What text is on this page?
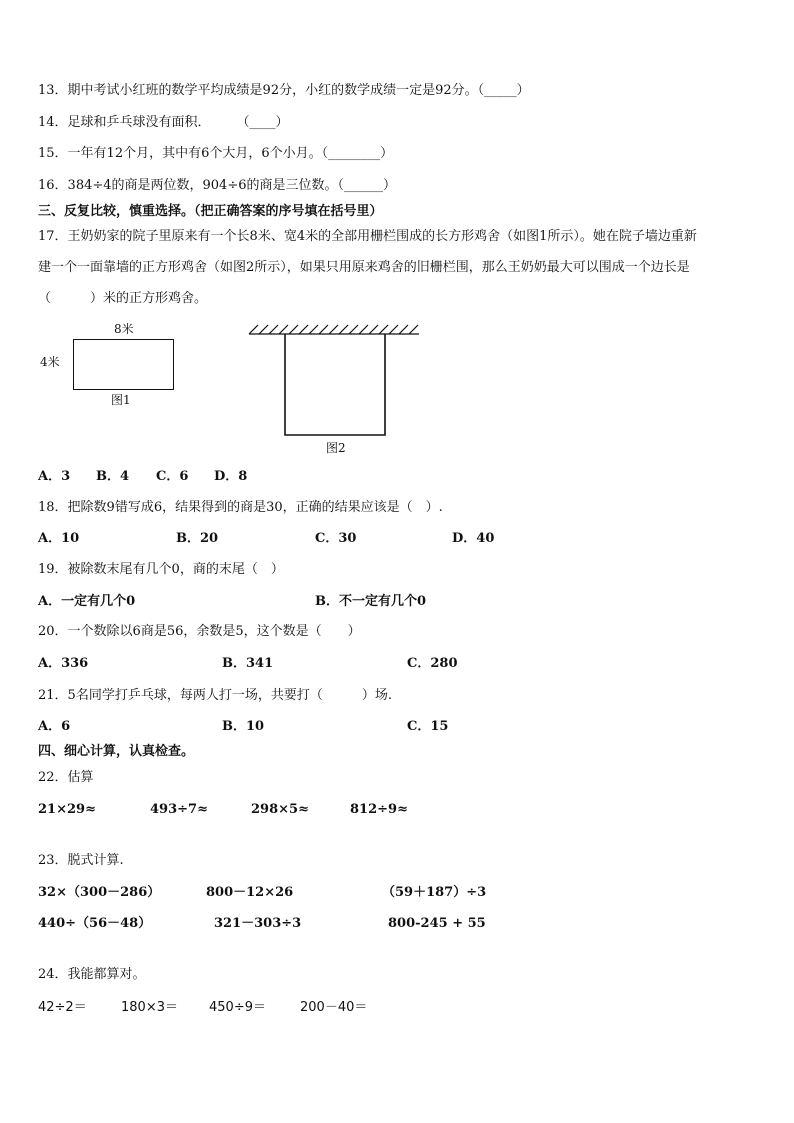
13．期中考试小红班的数学平均成绩是92分，小红的数学成绩一定是92分。（_____）
14．足球和乒乓球没有面积．　　　（____）
15．一年有12个月，其中有6个大月，6个小月。（________）
16．384÷4的商是两位数，904÷6的商是三位数。（______）
三、反复比较，慎重选择。（把正确答案的序号填在括号里）
17．王奶奶家的院子里原来有一个长8米、宽4米的全部用栅栏围成的长方形鸡舍（如图1所示）。她在院子墙边重新
建一个一面靠墙的正方形鸡舍（如图2所示），如果只用原来鸡舍的旧栅栏围，那么王奶奶最大可以围成一个边长是
（　　　）米的正方形鸡舍。
8米
4米
图1
图2
A．3 B．4 C．6 D．8
18．把除数9错写成6，结果得到的商是30，正确的结果应该是（　）.
A．10	B．20	C．30	D．40
19．被除数末尾有几个0，商的末尾（　）
A．一定有几个0	B．不一定有几个0
20．一个数除以6商是56，余数是5，这个数是（　　）
A．336	B．341	C．280
21．5名同学打乒乓球，每两人打一场，共要打（　　　）场.
A．6	B．10	C．15
四、细心计算，认真检查。
22．估算
21×29≈	493÷7≈	298×5≈	812÷9≈
23．脱式计算.
32×（300－286）	800－12×26	（59＋187）÷3
440÷（56－48）	321－303÷3	800-245 + 55
24．我能都算对。
42÷2＝	180×3＝ 450÷9＝	200－40＝
